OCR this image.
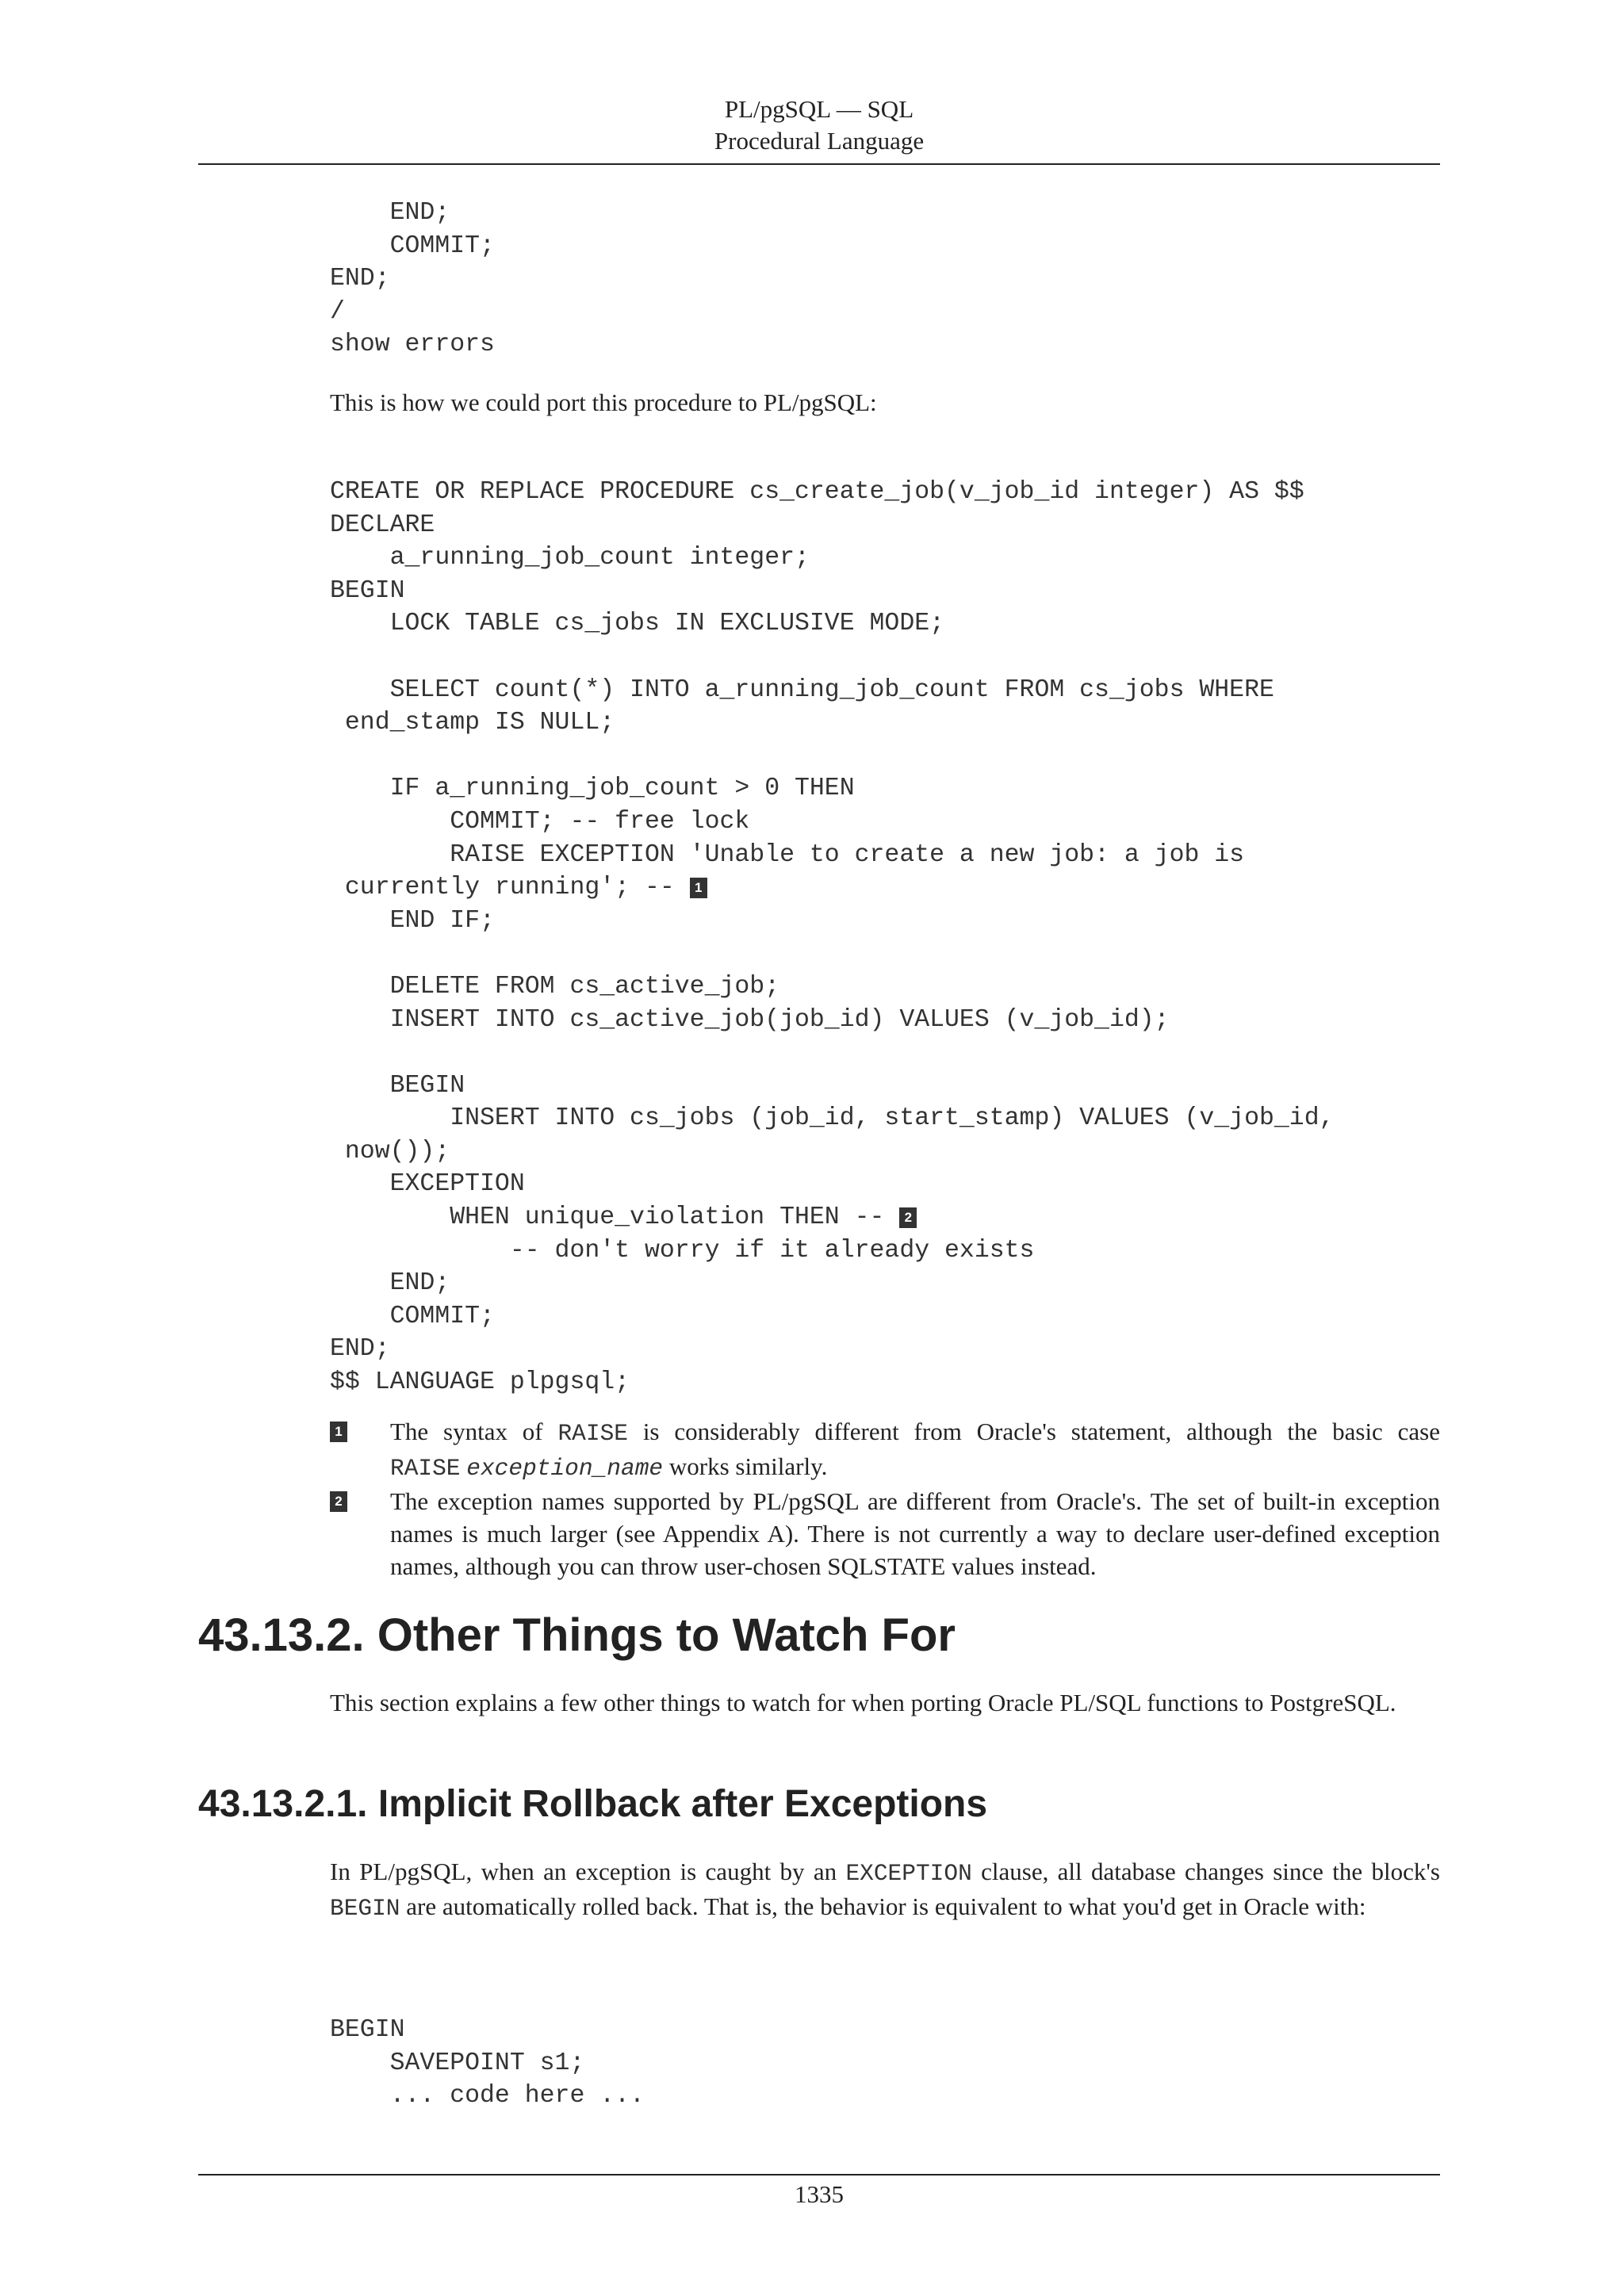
PL/pgSQL — SQL
Procedural Language
END;
COMMIT;
END;
/
show errors

This is how we could port this procedure to PL/pgSQL:

CREATE OR REPLACE PROCEDURE cs_create_job(v_job_id integer) AS $$
DECLARE
a_running_job_count integer;
BEGIN
LOCK TABLE cs_jobs IN EXCLUSIVE MODE;

SELECT count(*) INTO a_running_job_count FROM cs_jobs WHERE
end_stamp IS NULL;

IF a_running_job_count > 0 THEN
COMMIT; -- free lock
RAISE EXCEPTION 'Unable to create a new job: a job is
currently running'; -- 1
END IF;

DELETE FROM cs_active_job;
INSERT INTO cs_active_job(job_id) VALUES (v_job_id);

BEGIN
INSERT INTO cs_jobs (job_id, start_stamp) VALUES (v_job_id,
now());
EXCEPTION
WHEN unique_violation THEN -- 2
-- don't worry if it already exists
END;
COMMIT;
END;
$$ LANGUAGE plpgsql;
1 The syntax of RAISE is considerably different from Oracle's statement, although the basic case RAISE exception_name works similarly.
2 The exception names supported by PL/pgSQL are different from Oracle's. The set of built-in exception names is much larger (see Appendix A). There is not currently a way to declare user-defined exception names, although you can throw user-chosen SQLSTATE values instead.
43.13.2. Other Things to Watch For

This section explains a few other things to watch for when porting Oracle PL/SQL functions to PostgreSQL.

43.13.2.1. Implicit Rollback after Exceptions

In PL/pgSQL, when an exception is caught by an EXCEPTION clause, all database changes since the block's BEGIN are automatically rolled back. That is, the behavior is equivalent to what you'd get in Oracle with:

BEGIN
SAVEPOINT s1;
... code here ...
1335
